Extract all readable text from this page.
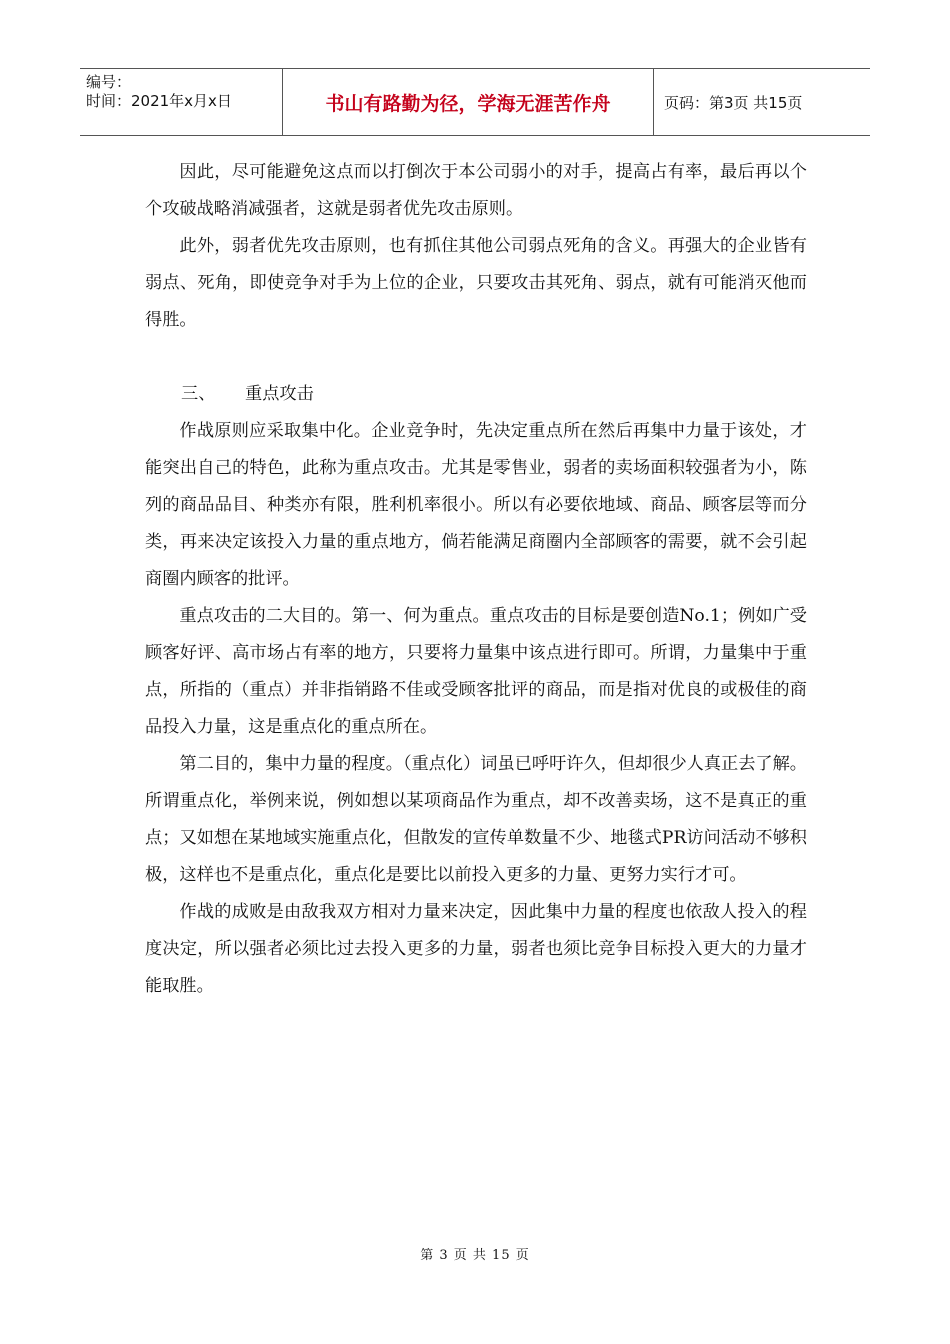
编号：
时间：2021年x月x日	书山有路勤为径，学海无涯苦作舟	页码：第3页 共15页

因此，尽可能避免这点而以打倒次于本公司弱小的对手，提高占有率，最后再以个个攻破战略消减强者，这就是弱者优先攻击原则。

此外，弱者优先攻击原则，也有抓住其他公司弱点死角的含义。再强大的企业皆有弱点、死角，即使竞争对手为上位的企业，只要攻击其死角、弱点，就有可能消灭他而得胜。

三、 重点攻击

作战原则应采取集中化。企业竞争时，先决定重点所在然后再集中力量于该处，才能突出自己的特色，此称为重点攻击。尤其是零售业，弱者的卖场面积较强者为小，陈列的商品品目、种类亦有限，胜利机率很小。所以有必要依地域、商品、顾客层等而分类，再来决定该投入力量的重点地方，倘若能满足商圈内全部顾客的需要，就不会引起商圈内顾客的批评。

重点攻击的二大目的。第一、何为重点。重点攻击的目标是要创造No.1；例如广受顾客好评、高市场占有率的地方，只要将力量集中该点进行即可。所谓，力量集中于重点，所指的（重点）并非指销路不佳或受顾客批评的商品，而是指对优良的或极佳的商品投入力量，这是重点化的重点所在。

第二目的，集中力量的程度。（重点化）词虽已呼吁许久，但却很少人真正去了解。所谓重点化，举例来说，例如想以某项商品作为重点，却不改善卖场，这不是真正的重点；又如想在某地域实施重点化，但散发的宣传单数量不少、地毯式PR访问活动不够积极，这样也不是重点化，重点化是要比以前投入更多的力量、更努力实行才可。

作战的成败是由敌我双方相对力量来决定，因此集中力量的程度也依敌人投入的程度决定，所以强者必须比过去投入更多的力量，弱者也须比竞争目标投入更大的力量才能取胜。

第 3 页 共 15 页
